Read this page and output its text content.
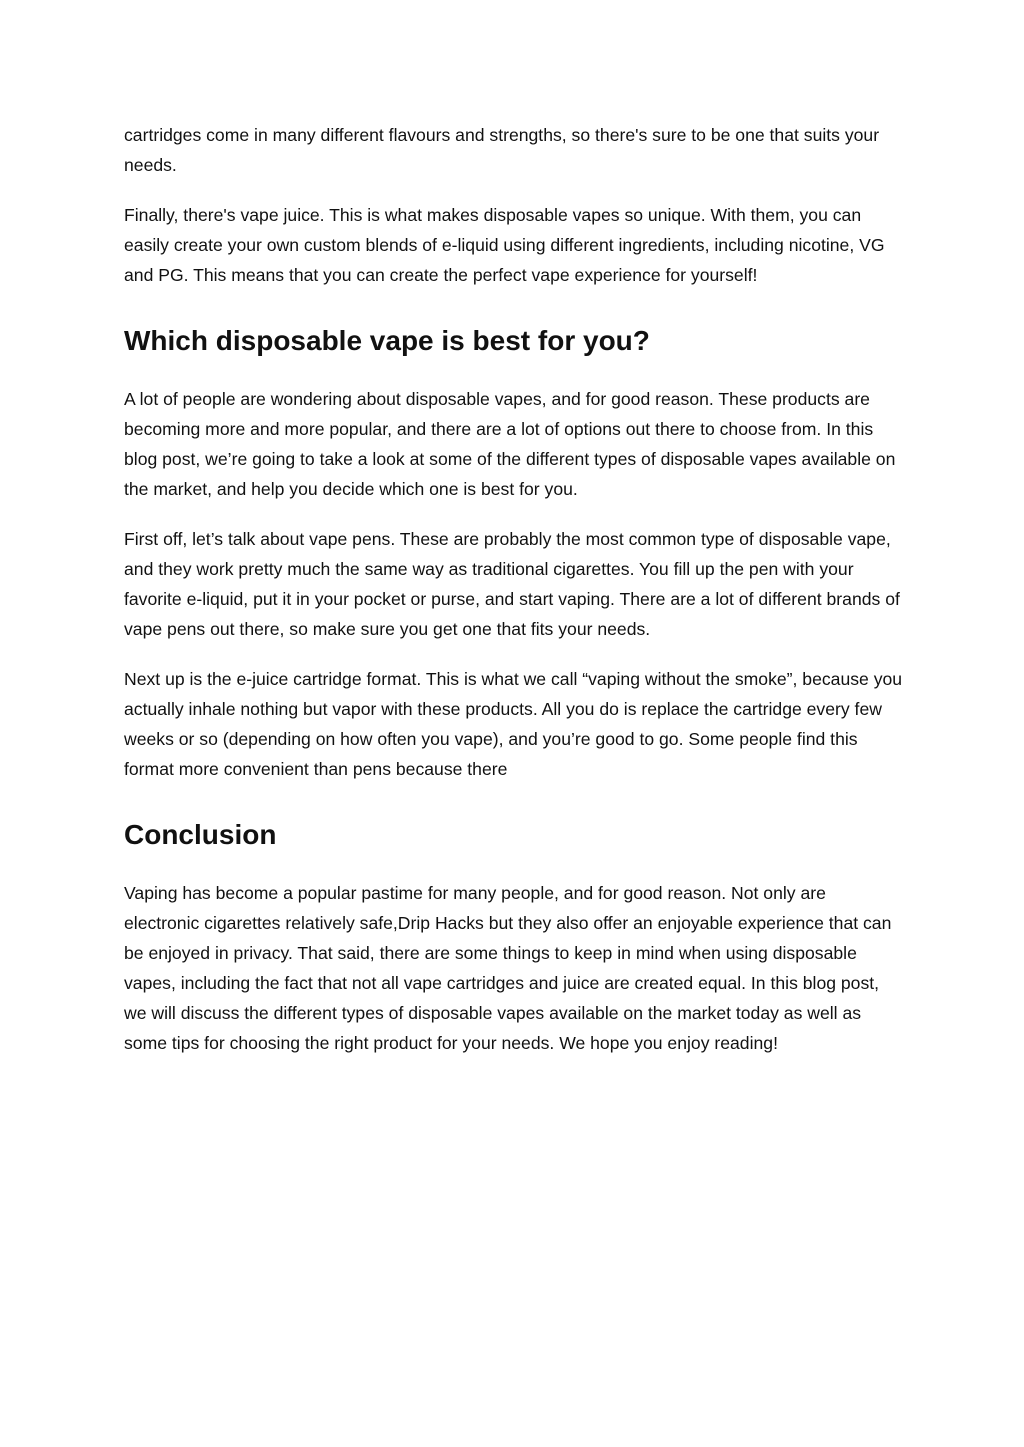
cartridges come in many different flavours and strengths, so there's sure to be one that suits your needs.

Finally, there's vape juice. This is what makes disposable vapes so unique. With them, you can easily create your own custom blends of e-liquid using different ingredients, including nicotine, VG and PG. This means that you can create the perfect vape experience for yourself!

Which disposable vape is best for you?

A lot of people are wondering about disposable vapes, and for good reason. These products are becoming more and more popular, and there are a lot of options out there to choose from. In this blog post, we’re going to take a look at some of the different types of disposable vapes available on the market, and help you decide which one is best for you.

First off, let’s talk about vape pens. These are probably the most common type of disposable vape, and they work pretty much the same way as traditional cigarettes. You fill up the pen with your favorite e-liquid, put it in your pocket or purse, and start vaping. There are a lot of different brands of vape pens out there, so make sure you get one that fits your needs.

Next up is the e-juice cartridge format. This is what we call “vaping without the smoke”, because you actually inhale nothing but vapor with these products. All you do is replace the cartridge every few weeks or so (depending on how often you vape), and you’re good to go. Some people find this format more convenient than pens because there

Conclusion

Vaping has become a popular pastime for many people, and for good reason. Not only are electronic cigarettes relatively safe,Drip Hacks but they also offer an enjoyable experience that can be enjoyed in privacy. That said, there are some things to keep in mind when using disposable vapes, including the fact that not all vape cartridges and juice are created equal. In this blog post, we will discuss the different types of disposable vapes available on the market today as well as some tips for choosing the right product for your needs. We hope you enjoy reading!
